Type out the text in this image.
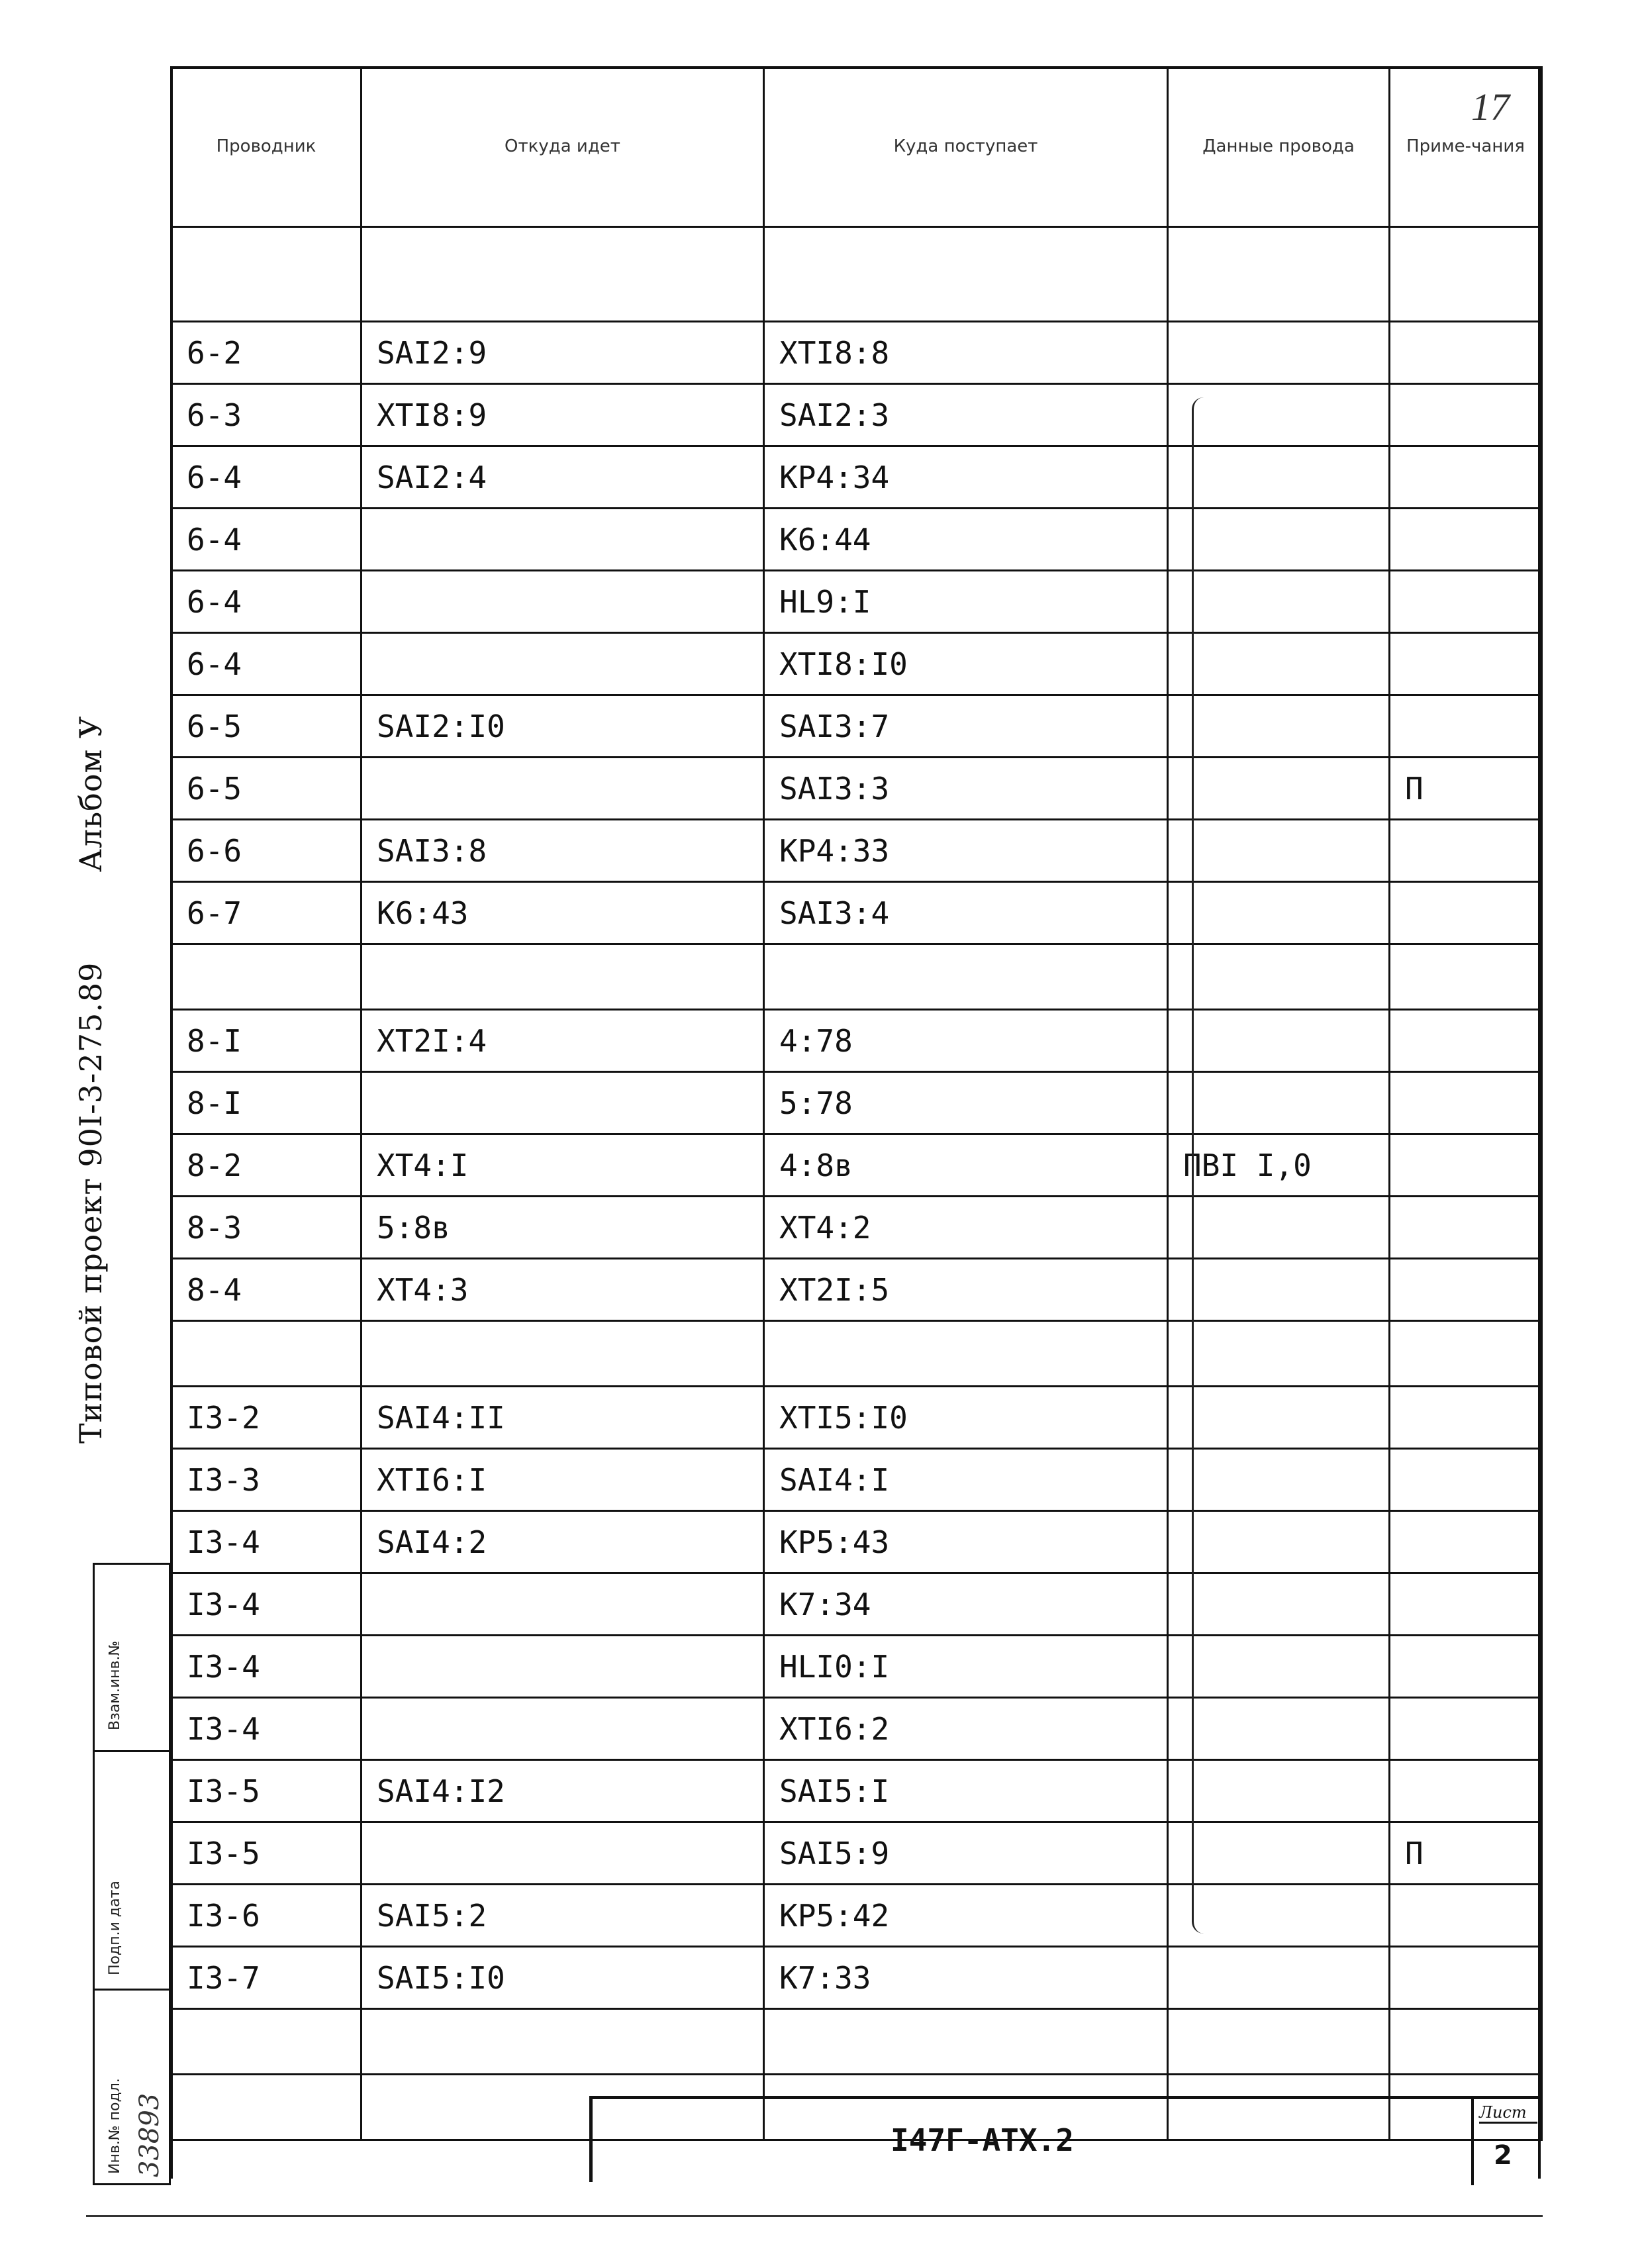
17
Проводник	Откуда идет	Куда поступает	Данные провода	Приме-чания

6-2	SAI2:9	XTI8:8		
6-3	XTI8:9	SAI2:3		
6-4	SAI2:4	KP4:34		
6-4		K6:44		
6-4		HL9:I		
6-4		XTI8:I0		
6-5	SAI2:I0	SAI3:7		
6-5		SAI3:3		П
6-6	SAI3:8	KP4:33		
6-7	K6:43	SAI3:4		

8-I	XT2I:4	4:78		
8-I		5:78		
8-2	XT4:I	4:8в	ПВI I,0	
8-3	5:8в	XT4:2		
8-4	XT4:3	XT2I:5		

I3-2	SAI4:II	XTI5:I0		
I3-3	XTI6:I	SAI4:I		
I3-4	SAI4:2	KP5:43		
I3-4		K7:34		
I3-4		HLI0:I		
I3-4		XTI6:2		
I3-5	SAI4:I2	SAI5:I		
I3-5		SAI5:9		П
I3-6	SAI5:2	KP5:42		
I3-7	SAI5:I0	K7:33		

Типовой проект 90I-3-275.89 Альбом У
Взам.инв.№
Подп.и дата
Инв.№ подл. 33893	I47Г-АТХ.2
Лист
2
